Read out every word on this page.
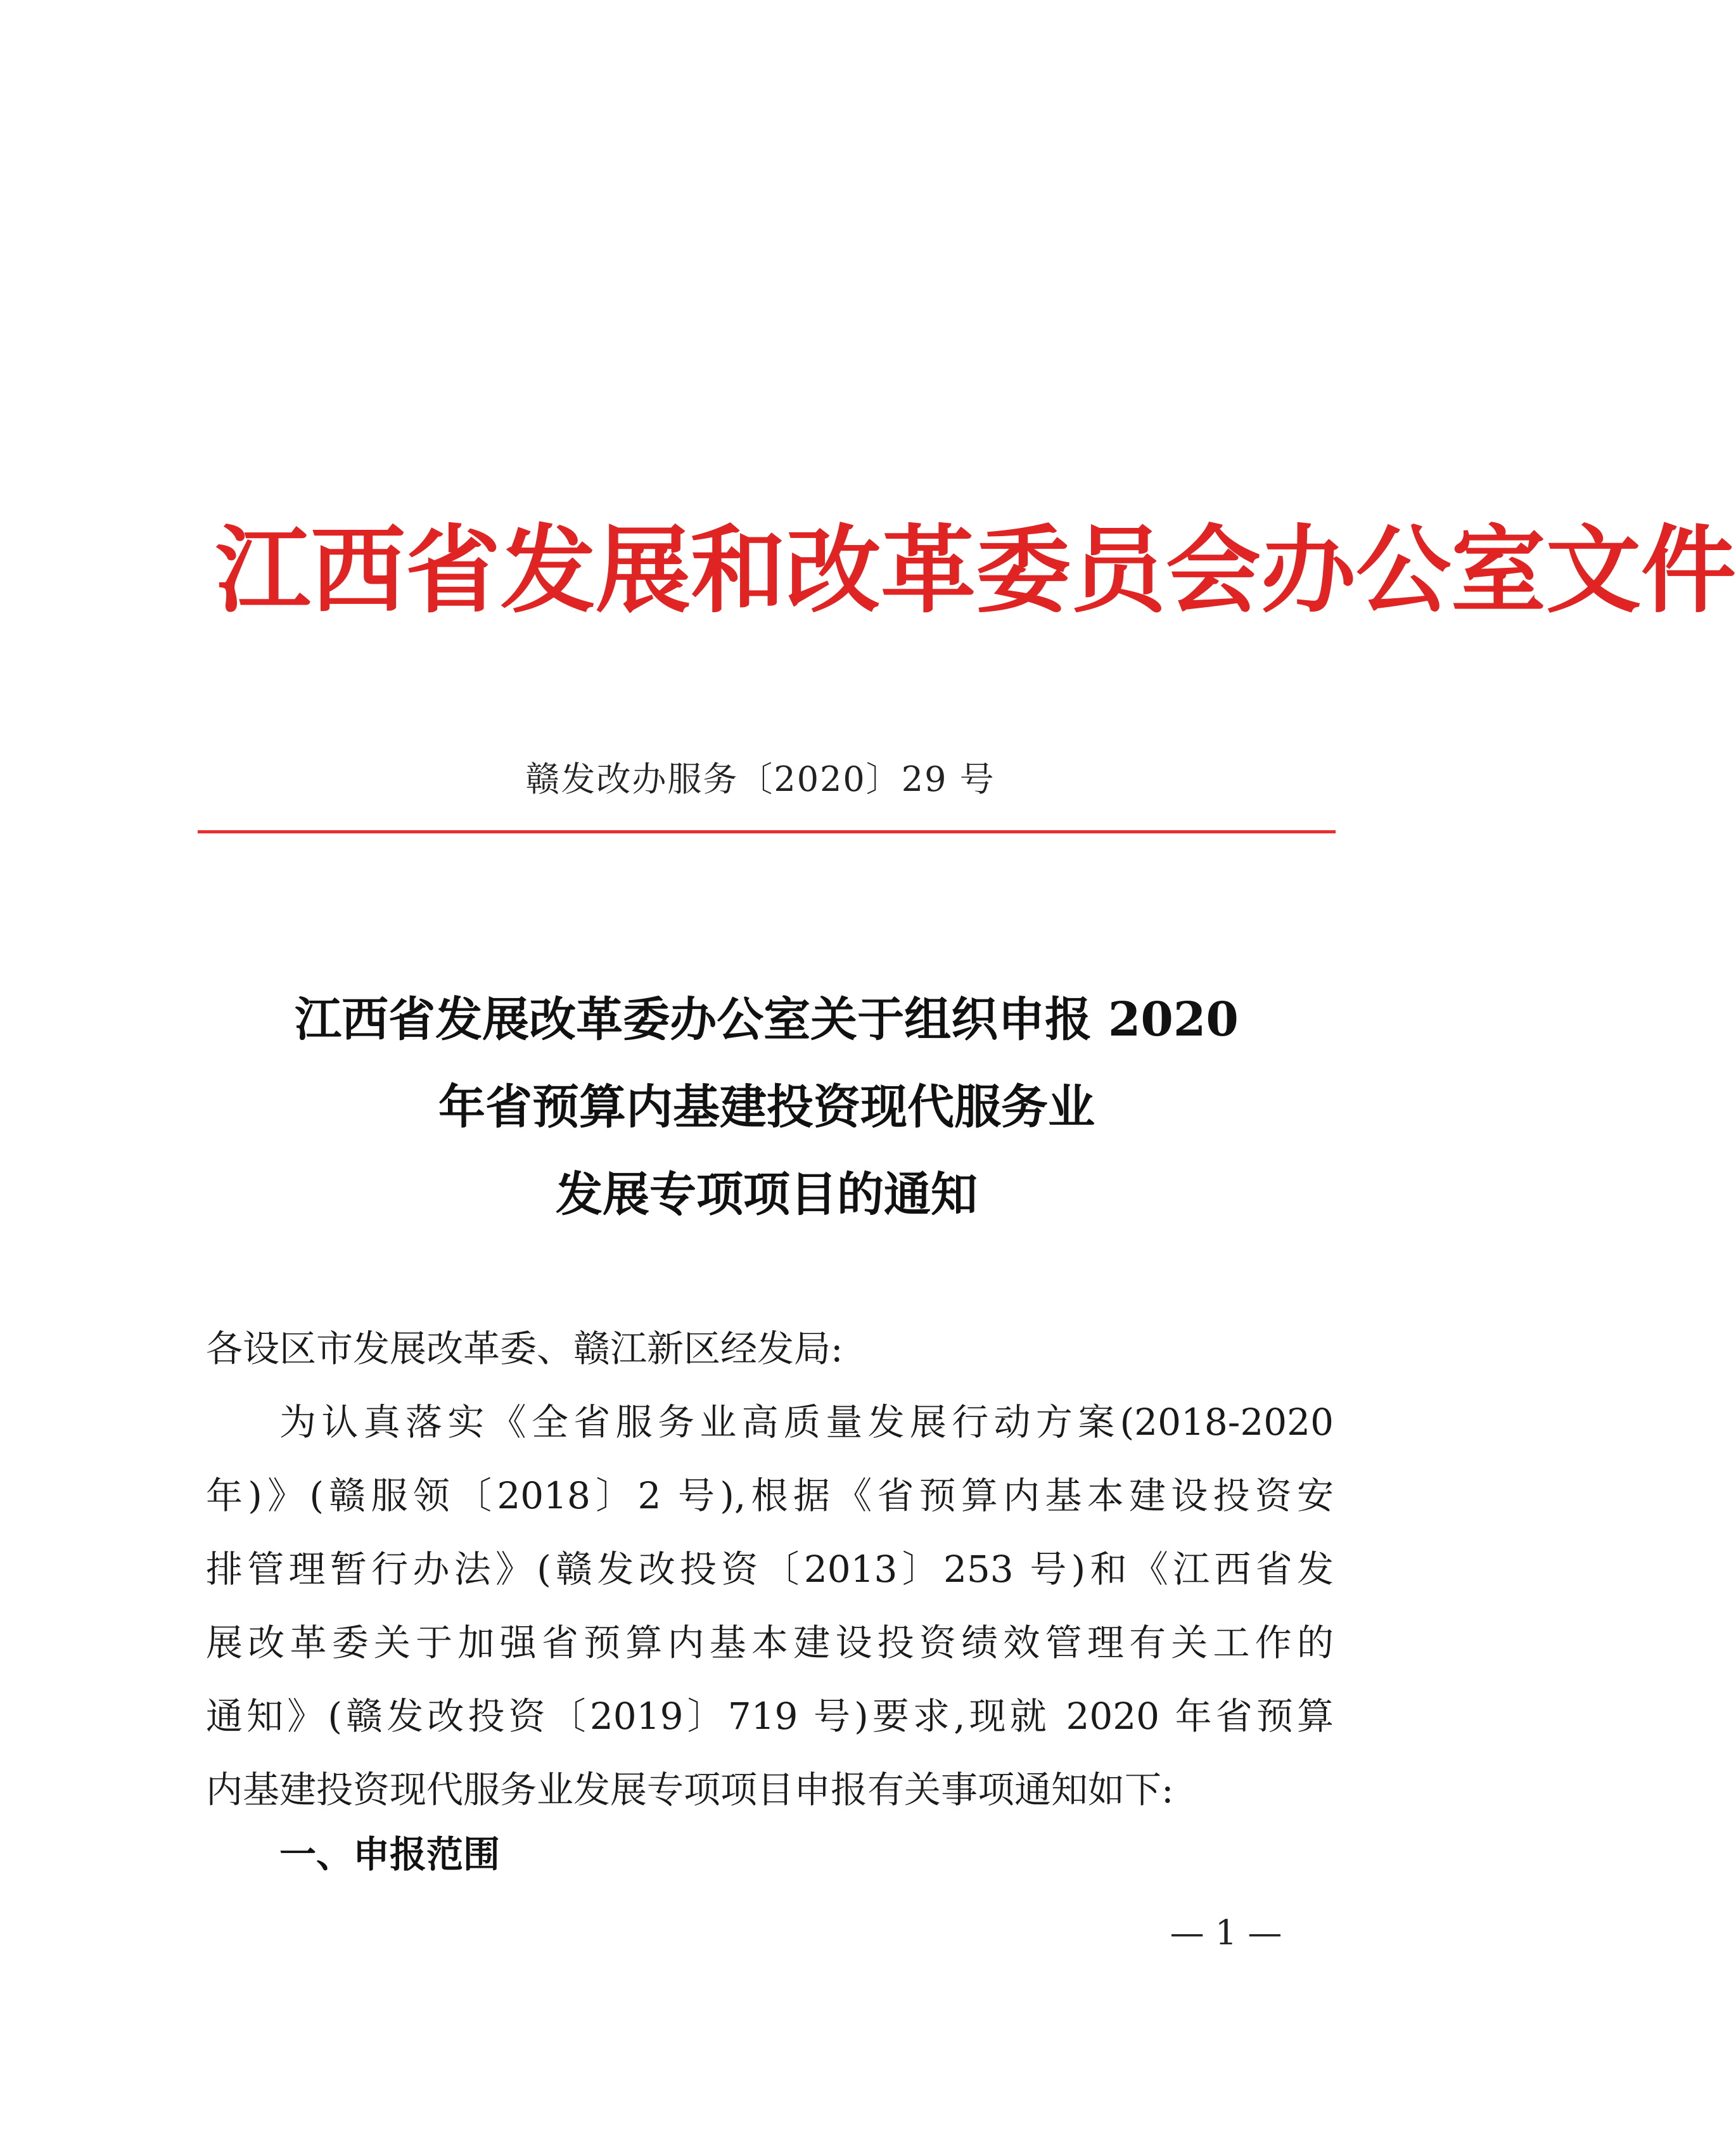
江西省发展和改革委员会办公室文件
赣发改办服务〔2020〕29 号
江西省发展改革委办公室关于组织申报 2020
年省预算内基建投资现代服务业
发展专项项目的通知
各设区市发展改革委、赣江新区经发局:
为认真落实《全省服务业高质量发展行动方案(2018-2020
年)》(赣服领〔2018〕2 号),根据《省预算内基本建设投资安
排管理暂行办法》(赣发改投资〔2013〕253 号)和《江西省发
展改革委关于加强省预算内基本建设投资绩效管理有关工作的
通知》(赣发改投资〔2019〕719 号)要求,现就 2020 年省预算
内基建投资现代服务业发展专项项目申报有关事项通知如下:
一、申报范围
— 1 —
